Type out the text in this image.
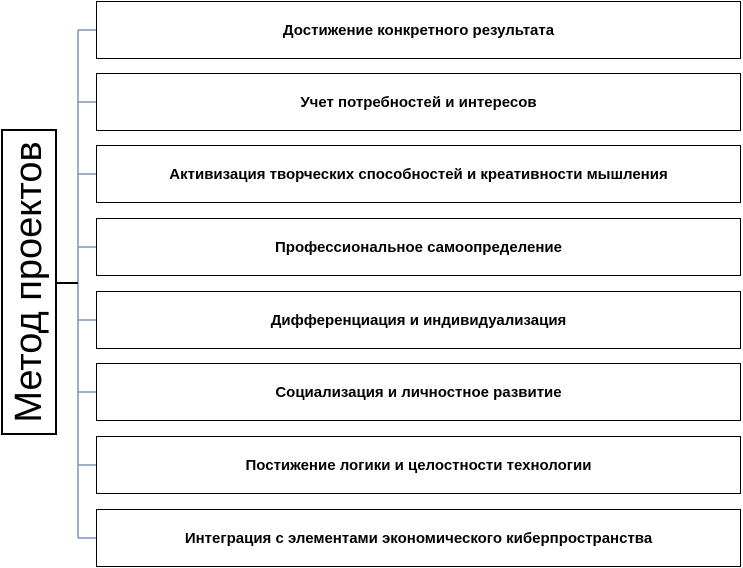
Метод проектов
Достижение конкретного результата
Учет потребностей и интересов
Активизация творческих способностей и креативности мышления
Профессиональное самоопределение
Дифференциация и индивидуализация
Социализация и личностное развитие
Постижение логики и целостности технологии
Интеграция с элементами экономического киберпространства
